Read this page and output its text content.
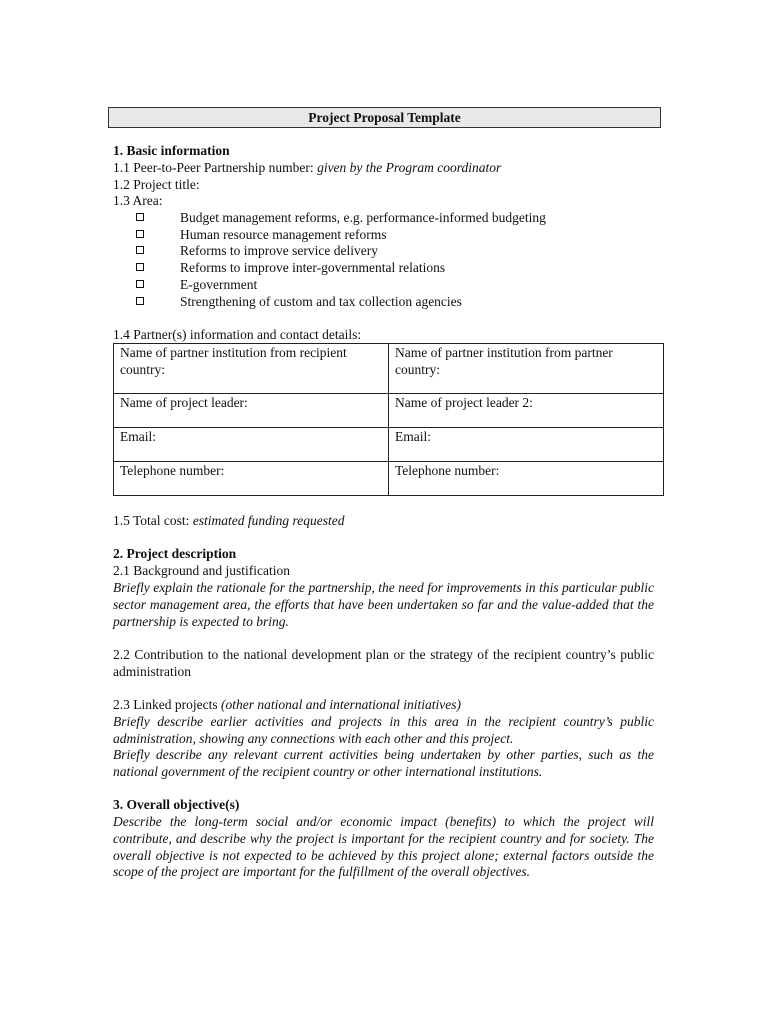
Project Proposal Template
1. Basic information
1.1 Peer-to-Peer Partnership number: given by the Program coordinator
1.2 Project title:
1.3 Area:
Budget management reforms, e.g. performance-informed budgeting
Human resource management reforms
Reforms to improve service delivery
Reforms to improve inter-governmental relations
E-government
Strengthening of custom and tax collection agencies
1.4 Partner(s) information and contact details:
Name of partner institution from recipient country:	Name of partner institution from partner country:
Name of project leader:	Name of project leader 2:
Email:	Email:
Telephone number:	Telephone number:
1.5 Total cost: estimated funding requested
2. Project description
2.1 Background and justification
Briefly explain the rationale for the partnership, the need for improvements in this particular public sector management area, the efforts that have been undertaken so far and the value-added that the partnership is expected to bring.
2.2 Contribution to the national development plan or the strategy of the recipient country’s public administration
2.3 Linked projects (other national and international initiatives)
Briefly describe earlier activities and projects in this area in the recipient country’s public administration, showing any connections with each other and this project.
Briefly describe any relevant current activities being undertaken by other parties, such as the national government of the recipient country or other international institutions.
3. Overall objective(s)
Describe the long-term social and/or economic impact (benefits) to which the project will contribute, and describe why the project is important for the recipient country and for society. The overall objective is not expected to be achieved by this project alone; external factors outside the scope of the project are important for the fulfillment of the overall objectives.
